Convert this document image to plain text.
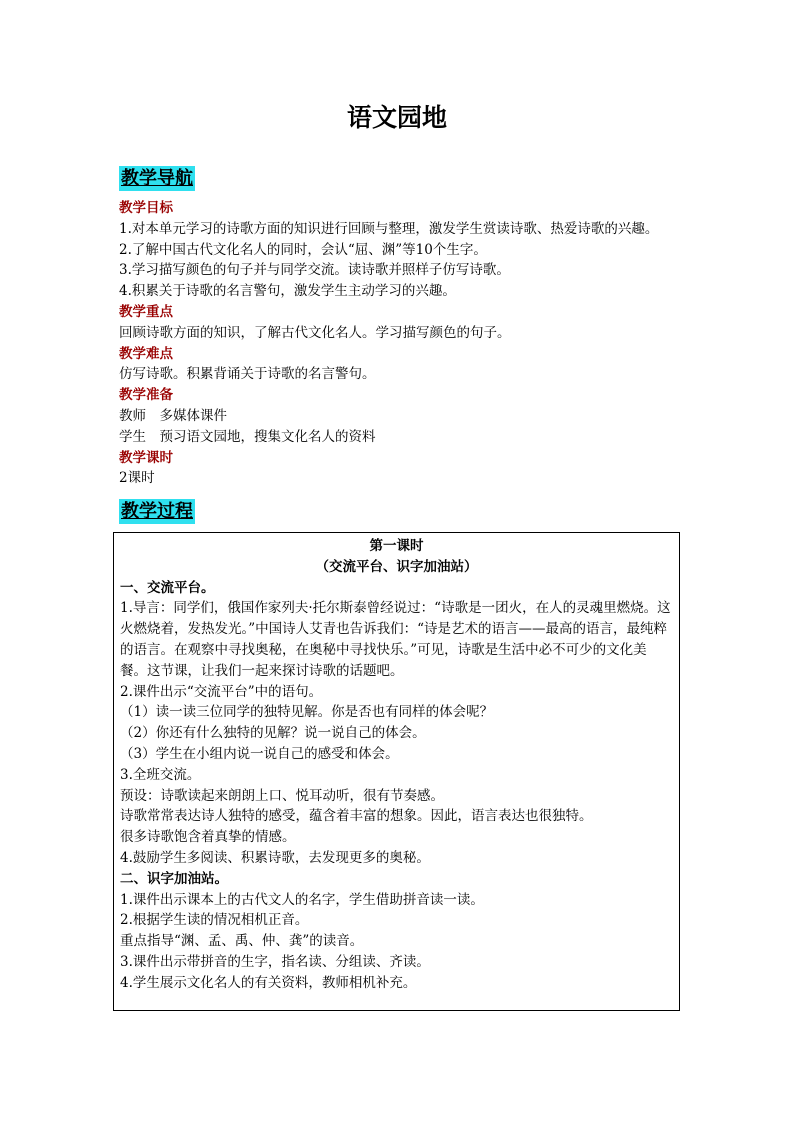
语文园地
教学导航
教学目标
1.对本单元学习的诗歌方面的知识进行回顾与整理，激发学生赏读诗歌、热爱诗歌的兴趣。
2.了解中国古代文化名人的同时，会认“屈、渊”等10个生字。
3.学习描写颜色的句子并与同学交流。读诗歌并照样子仿写诗歌。
4.积累关于诗歌的名言警句，激发学生主动学习的兴趣。
教学重点
回顾诗歌方面的知识，了解古代文化名人。学习描写颜色的句子。
教学难点
仿写诗歌。积累背诵关于诗歌的名言警句。
教学准备
教师　多媒体课件
学生　预习语文园地，搜集文化名人的资料
教学课时
2课时
教学过程
第一课时
（交流平台、识字加油站）
一、交流平台。
1.导言：同学们，俄国作家列夫·托尔斯泰曾经说过：“诗歌是一团火，在人的灵魂里燃烧。这火燃烧着，发热发光。”中国诗人艾青也告诉我们：“诗是艺术的语言——最高的语言，最纯粹的语言。在观察中寻找奥秘，在奥秘中寻找快乐。”可见，诗歌是生活中必不可少的文化美餐。这节课，让我们一起来探讨诗歌的话题吧。
2.课件出示“交流平台”中的语句。
（1）读一读三位同学的独特见解。你是否也有同样的体会呢？
（2）你还有什么独特的见解？说一说自己的体会。
（3）学生在小组内说一说自己的感受和体会。
3.全班交流。
预设：诗歌读起来朗朗上口、悦耳动听，很有节奏感。
诗歌常常表达诗人独特的感受，蕴含着丰富的想象。因此，语言表达也很独特。
很多诗歌饱含着真挚的情感。
4.鼓励学生多阅读、积累诗歌，去发现更多的奥秘。
二、识字加油站。
1.课件出示课本上的古代文人的名字，学生借助拼音读一读。
2.根据学生读的情况相机正音。
重点指导“渊、孟、禹、仲、龚”的读音。
3.课件出示带拼音的生字，指名读、分组读、齐读。
4.学生展示文化名人的有关资料，教师相机补充。
